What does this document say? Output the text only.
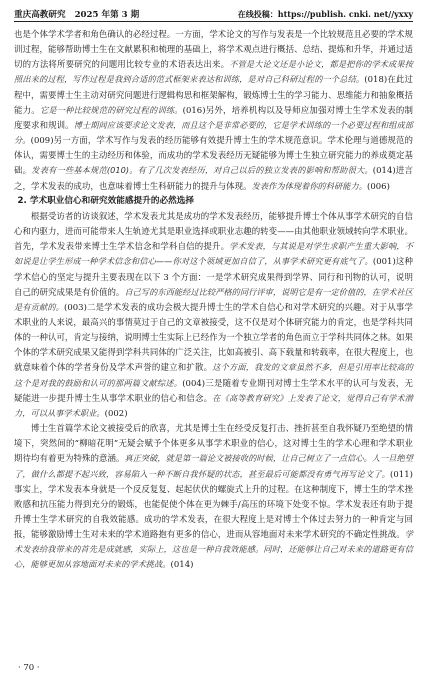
重庆高教研究 2025 年第 3 期	在线投稿：https://publish. cnki. net//yxxy

也是个体学术学者和角色确认的必经过程。一方面，学术论文的写作与发表是一个比较规范且必要的学术规训过程，能够帮助博士生在文献累积和梳理的基础上，将学术观点进行概括、总结、提炼和升华，并通过适切的方法将所要研究的问题用比较专业的术语表达出来。不管是大论文还是小论文，都是把你的学术成果按照出来的过程，写作过程是我到合适的范式框架来表达和训练，是对自己科研过程的一个总结。(018)在此过程中，需要博士生主动对研究问题进行逻辑构思和框架解构，锻炼博士生的学习能力、思维能力和抽象概括能力。它是一种比较规范的研究过程的训练。(016)另外，培养机构以及导师应加强对博士生学术发表的制度要求和规训。博士期间应该要求论文发表，而且这个是非常必要的，它是学术训练的一个必要过程和组成部分。(009)另一方面，学术写作与发表的经历能够有效提升博士生的学术规范意识。学术伦理与道德规范的体认，需要博士生的主动经历和体验，而成功的学术发表经历无疑能够为博士生独立研究能力的养成奠定基础。发表有一些基本规范(010)。有了几次发表经历，对自己以后的独立发表的影响和帮助很大。(014)进言之，学术发表的成功，也意味着博士生科研能力的提升与体现。发表作为体现着你的科研能力。(006)

2. 学术职业信心和研究效能感提升的必然选择

根据受访者的访谈叙述，学术发表尤其是成功的学术发表经历，能够提升博士个体从事学术研究的自信心和内驱力，进而可能带来人生轨迹尤其是职业选择或职业志趣的转变——由其他职业领域转向学术职业。首先，学术发表带来博士生学术信念和学科自信的提升。学术发表，与其说是对学生求职产生重大影响，不如说是让学生形成一种学术信念和信心——你对这个领域更加自信了，从事学术研究更有底气了。(001)这种学术信心的坚定与提升主要表现在以下 3 个方面：一是学术研究成果得到学界、同行和刊物的认可，说明自己的研究成果是有价值的。自己写的东西能经过比较严格的同行评审，说明它是有一定价值的，在学术社区是有贡献的。(003)二是学术发表的成功会极大提升博士生的学术自信心和对学术研究的兴趣。对于从事学术职业的人来说，最高兴的事情莫过于自己的文章被接受，这不仅是对个体研究能力的肯定，也是学科共同体的一种认可，肯定与接纳，说明博士生实际上已经作为一个独立学者的角色而立于学科共同体之林。如果个体的学术研究成果又能得到学科共同体的广泛关注，比如高被引、高下载量和转载率，在很大程度上，也就意味着个体的学者身份及学术声誉的建立和扩散。这个方面，我发的文章虽然不多，但是引用率比较高的这个是对我的鼓励和认可的那两篇文献综述。(004)三是随着专业期刊对博士生学术水平的认可与发表，无疑能进一步提升博士生从事学术职业的信心和信念。在《高等教育研究》上发表了论文，觉得自己有学术潜力，可以从事学术职业。(002)

博士生首篇学术论文被接受后的欣喜，尤其是博士生在经受反复打击、挫折甚至自我怀疑乃至绝望的情境下，突然间的“柳暗花明”无疑会赋予个体更多从事学术职业的信心，这对博士生的学术心理和学术职业期待均有着更为特殊的意涵。真正突破，就是第一篇论文被接收的时候，让自己树立了一点信心。人一旦绝望了，做什么都提不起兴致，容易陷入一种不断自我怀疑的状态，甚至最后可能都没有勇气再写论文了。(011)事实上，学术发表本身就是一个反反复复、起起伏伏的螺旋式上升的过程。在这种制度下，博士生的学术挫败感和抗压能力得到充分的锻炼，也能促使个体在更为棘手/高压的环境下处变不惊。学术发表还有助于提升博士生学术研究的自我效能感。成功的学术发表，在很大程度上是对博士个体过去努力的一种肯定与回报，能够激励博士生对未来的学术道路抱有更多的信心，进而从容地面对未来学术研究的不确定性挑战。学术发表给我带来的首先是成就感，实际上，这也是一种自我效能感。同时，还能够让自己对未来的道路更有信心，能够更加从容地面对未来的学术挑战。(014)

· 70 ·
